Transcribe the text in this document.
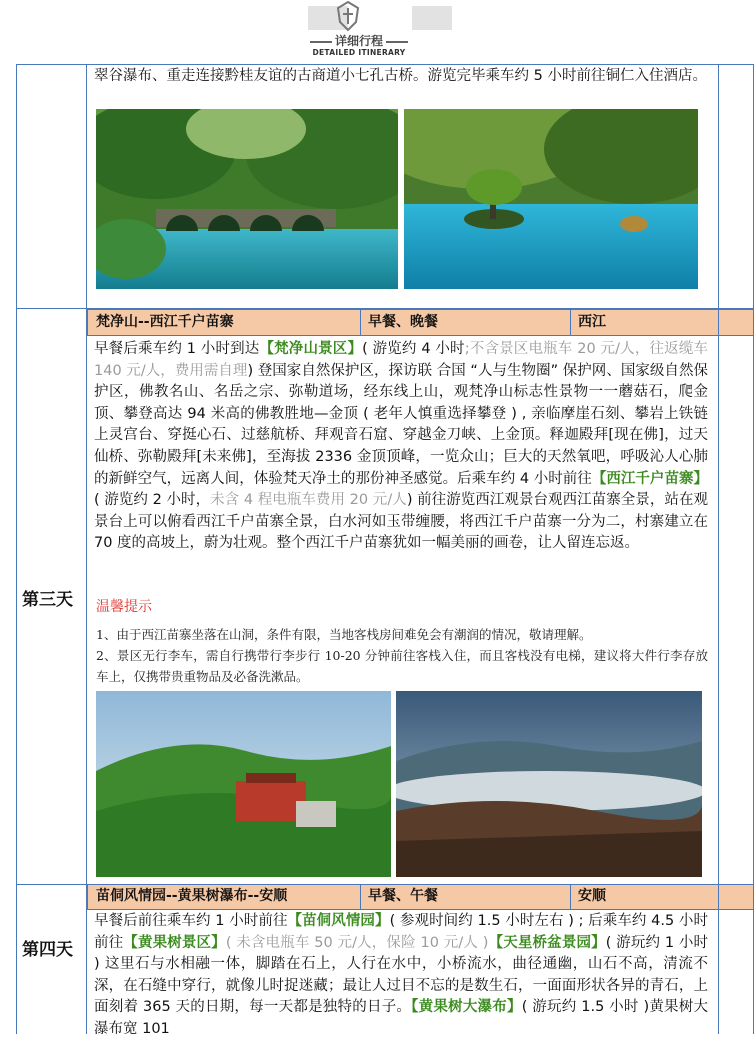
详细行程
DETAILED ITINERARY
翠谷瀑布、重走连接黔桂友谊的古商道小七孔古桥。游览完毕乘车约 5 小时前往铜仁入住酒店。
梵净山--西江千户苗寨	早餐、晚餐	西江
第三天
早餐后乘车约 1 小时到达【梵净山景区】( 游览约 4 小时;不含景区电瓶车 20 元/人，往返缆车 140 元/人，费用需自理) 登国家自然保护区，探访联 合国 “人与生物圈” 保护网、国家级自然保护区，佛教名山、名岳之宗、弥勒道场，经东线上山，观梵净山标志性景物一一蘑菇石，爬金顶、攀登高达 94 米高的佛教胜地—金顶 ( 老年人慎重选择攀登 ) , 亲临摩崖石刻、攀岩上铁链上灵宫台、穿挺心石、过慈航桥、拜观音石窟、穿越金刀峡、上金顶。释迦殿拜[现在佛]，过天仙桥、弥勒殿拜[未来佛]，至海拔 2336 金顶顶峰，一览众山；巨大的天然氧吧，呼吸沁人心肺的新鲜空气，远离人间，体验梵天净土的那份神圣感觉。后乘车约 4 小时前往【西江千户苗寨】( 游览约 2 小时，未含 4 程电瓶车费用 20 元/人) 前往游览西江观景台观西江苗寨全景，站在观景台上可以俯看西江千户苗寨全景，白水河如玉带缠腰，将西江千户苗寨一分为二，村寨建立在 70 度的高坡上，蔚为壮观。整个西江千户苗寨犹如一幅美丽的画卷，让人留连忘返。
温馨提示
1、由于西江苗寨坐落在山洞，条件有限，当地客栈房间难免会有潮润的情况，敬请理解。
2、景区无行李车，需自行携带行李步行 10-20 分钟前往客栈入住，而且客栈没有电梯，建议将大件行李存放车上，仅携带贵重物品及必备洗漱品。
苗侗风情园--黄果树瀑布--安顺	早餐、午餐	安顺
第四天
早餐后前往乘车约 1 小时前往【苗侗风情园】( 参观时间约 1.5 小时左右 ) ; 后乘车约 4.5 小时前往【黄果树景区】( 未含电瓶车 50 元/人，保险 10 元/人 )【天星桥盆景园】( 游玩约 1 小时 ) 这里石与水相融一体，脚踏在石上，人行在水中，小桥流水，曲径通幽，山石不高，清流不深，在石缝中穿行，就像儿时捉迷藏；最让人过目不忘的是数生石，一面面形状各异的青石，上面刻着 365 天的日期，每一天都是独特的日子。【黄果树大瀑布】( 游玩约 1.5 小时 )黄果树大瀑布宽 101
